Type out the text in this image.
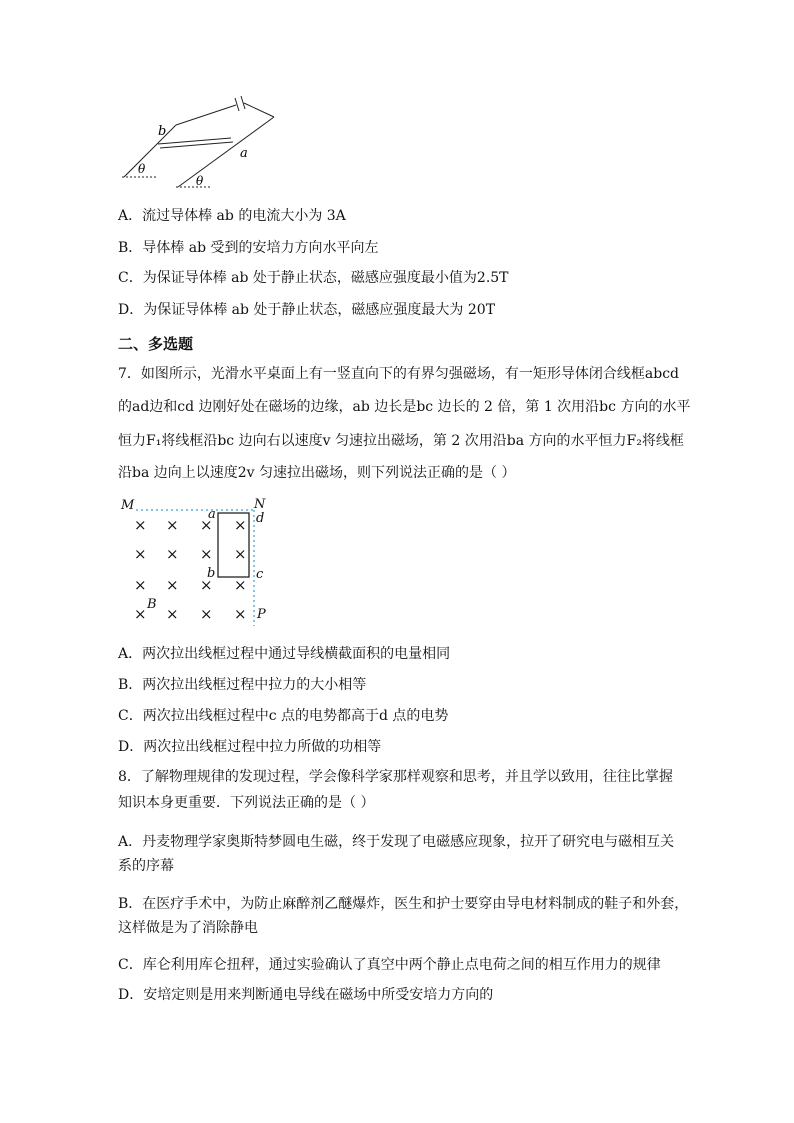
b
a
θ
θ
A．流过导体棒 ab 的电流大小为 3A
B．导体棒 ab 受到的安培力方向水平向左
C．为保证导体棒 ab 处于静止状态，磁感应强度最小值为2.5T
D．为保证导体棒 ab 处于静止状态，磁感应强度最大为 20T
二、多选题
7．如图所示，光滑水平桌面上有一竖直向下的有界匀强磁场，有一矩形导体闭合线框abcd
的ad边和cd 边刚好处在磁场的边缘，ab 边长是bc 边长的 2 倍，第 1 次用沿bc 方向的水平
恒力F₁将线框沿bc 边向右以速度v 匀速拉出磁场，第 2 次用沿ba 方向的水平恒力F₂将线框
沿ba 边向上以速度2v 匀速拉出磁场，则下列说法正确的是（ ）
× × × ×
× × × ×
× × × ×
× × × ×
M	N
a	d
b	c
B
P
A．两次拉出线框过程中通过导线横截面积的电量相同
B．两次拉出线框过程中拉力的大小相等
C．两次拉出线框过程中c 点的电势都高于d 点的电势
D．两次拉出线框过程中拉力所做的功相等
8．了解物理规律的发现过程，学会像科学家那样观察和思考，并且学以致用，往往比掌握
知识本身更重要．下列说法正确的是（ ）
A．丹麦物理学家奥斯特梦圆电生磁，终于发现了电磁感应现象，拉开了研究电与磁相互关
系的序幕
B．在医疗手术中，为防止麻醉剂乙醚爆炸，医生和护士要穿由导电材料制成的鞋子和外套，
这样做是为了消除静电
C．库仑利用库仑扭秤，通过实验确认了真空中两个静止点电荷之间的相互作用力的规律
D．安培定则是用来判断通电导线在磁场中所受安培力方向的
